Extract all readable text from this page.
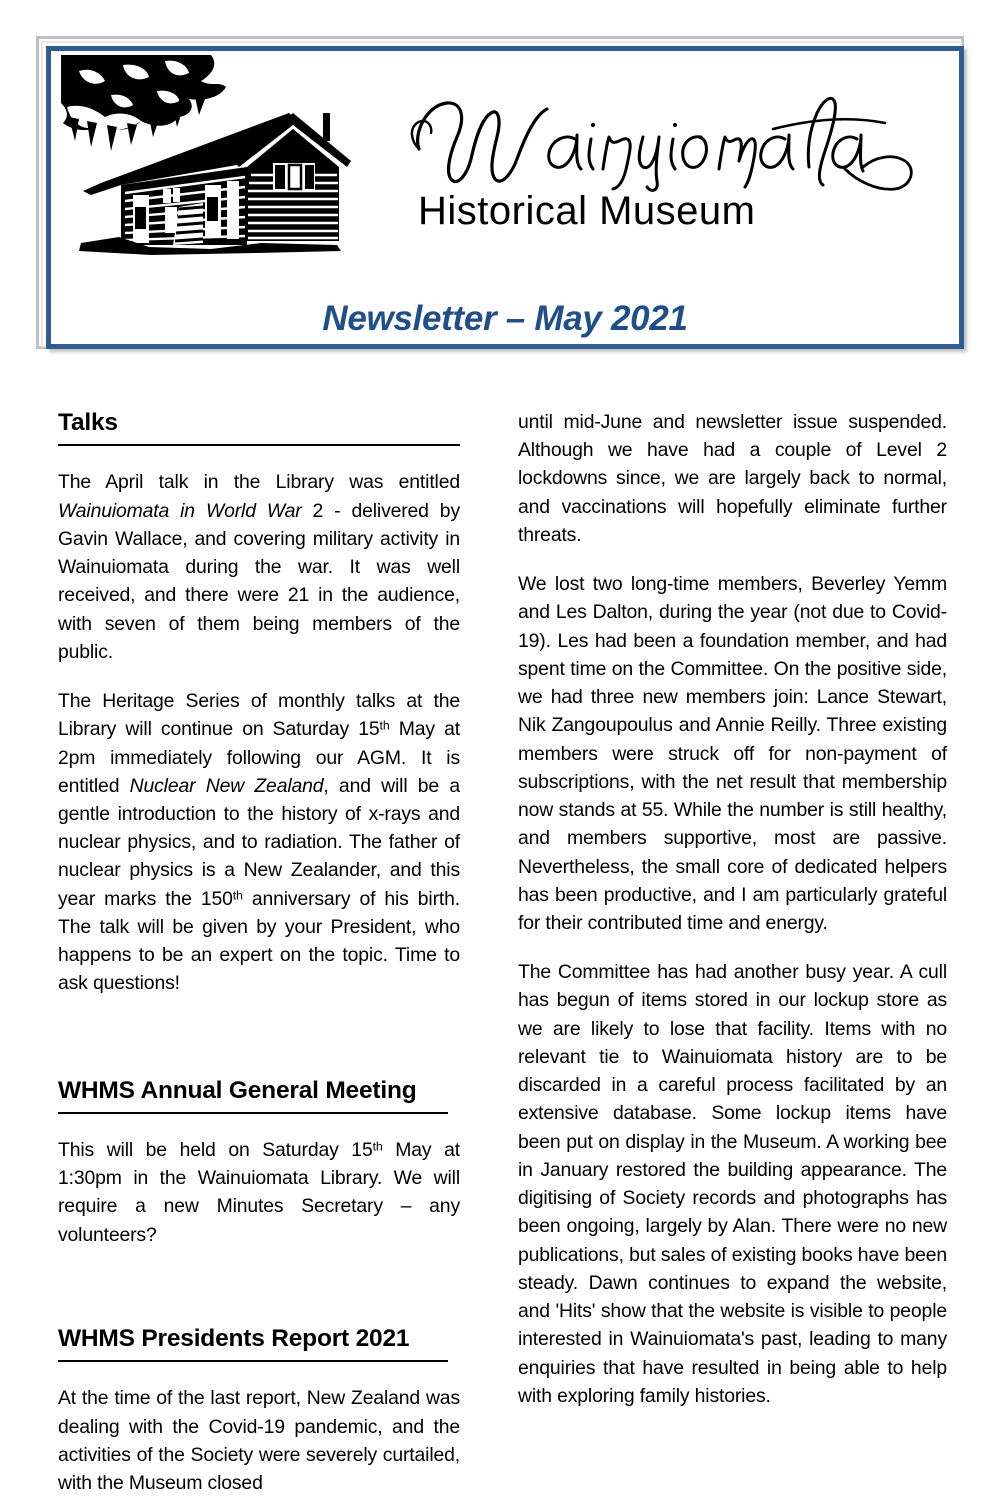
Historical Museum
Newsletter – May 2021
Talks

The April talk in the Library was entitled Wainuiomata in World War 2 - delivered by Gavin Wallace, and covering military activity in Wainuiomata during the war. It was well received, and there were 21 in the audience, with seven of them being members of the public.

The Heritage Series of monthly talks at the Library will continue on Saturday 15th May at 2pm immediately following our AGM. It is entitled Nuclear New Zealand, and will be a gentle introduction to the history of x-rays and nuclear physics, and to radiation. The father of nuclear physics is a New Zealander, and this year marks the 150th anniversary of his birth. The talk will be given by your President, who happens to be an expert on the topic. Time to ask questions!

WHMS Annual General Meeting

This will be held on Saturday 15th May at 1:30pm in the Wainuiomata Library. We will require a new Minutes Secretary – any volunteers?

WHMS Presidents Report 2021

At the time of the last report, New Zealand was dealing with the Covid-19 pandemic, and the activities of the Society were severely curtailed, with the Museum closed

until mid-June and newsletter issue suspended. Although we have had a couple of Level 2 lockdowns since, we are largely back to normal, and vaccinations will hopefully eliminate further threats.

We lost two long-time members, Beverley Yemm and Les Dalton, during the year (not due to Covid-19). Les had been a foundation member, and had spent time on the Committee. On the positive side, we had three new members join: Lance Stewart, Nik Zangoupoulus and Annie Reilly. Three existing members were struck off for non-payment of subscriptions, with the net result that membership now stands at 55. While the number is still healthy, and members supportive, most are passive. Nevertheless, the small core of dedicated helpers has been productive, and I am particularly grateful for their contributed time and energy.

The Committee has had another busy year. A cull has begun of items stored in our lockup store as we are likely to lose that facility. Items with no relevant tie to Wainuiomata history are to be discarded in a careful process facilitated by an extensive database. Some lockup items have been put on display in the Museum. A working bee in January restored the building appearance. The digitising of Society records and photographs has been ongoing, largely by Alan. There were no new publications, but sales of existing books have been steady. Dawn continues to expand the website, and 'Hits' show that the website is visible to people interested in Wainuiomata's past, leading to many enquiries that have resulted in being able to help with exploring family histories.
